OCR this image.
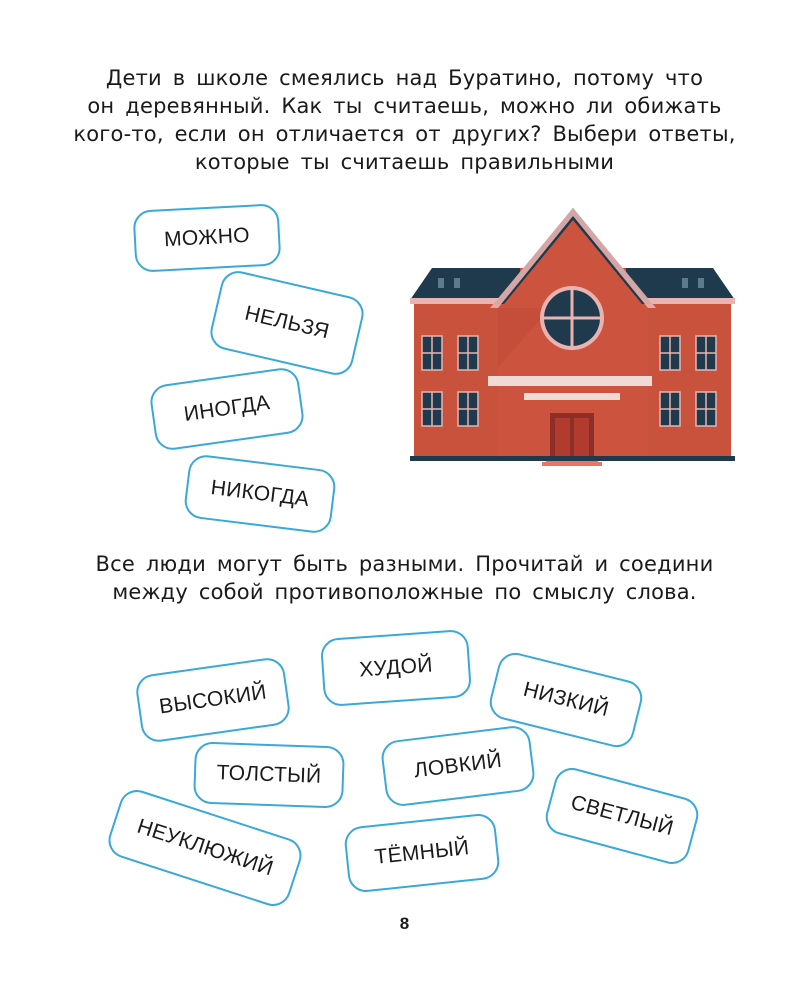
Дети в школе смеялись над Буратино, потому что
он деревянный. Как ты считаешь, можно ли обижать
кого-то, если он отличается от других? Выбери ответы,
которые ты считаешь правильными
МОЖНО
НЕЛЬЗЯ
ИНОГДА
НИКОГДА
Все люди могут быть разными. Прочитай и соедини
между собой противоположные по смыслу слова.
ВЫСОКИЙ
ХУДОЙ
НИЗКИЙ
ТОЛСТЫЙ	ЛОВКИЙ
СВЕТЛЫЙ
НЕУКЛЮЖИЙ	ТЁМНЫЙ
8
